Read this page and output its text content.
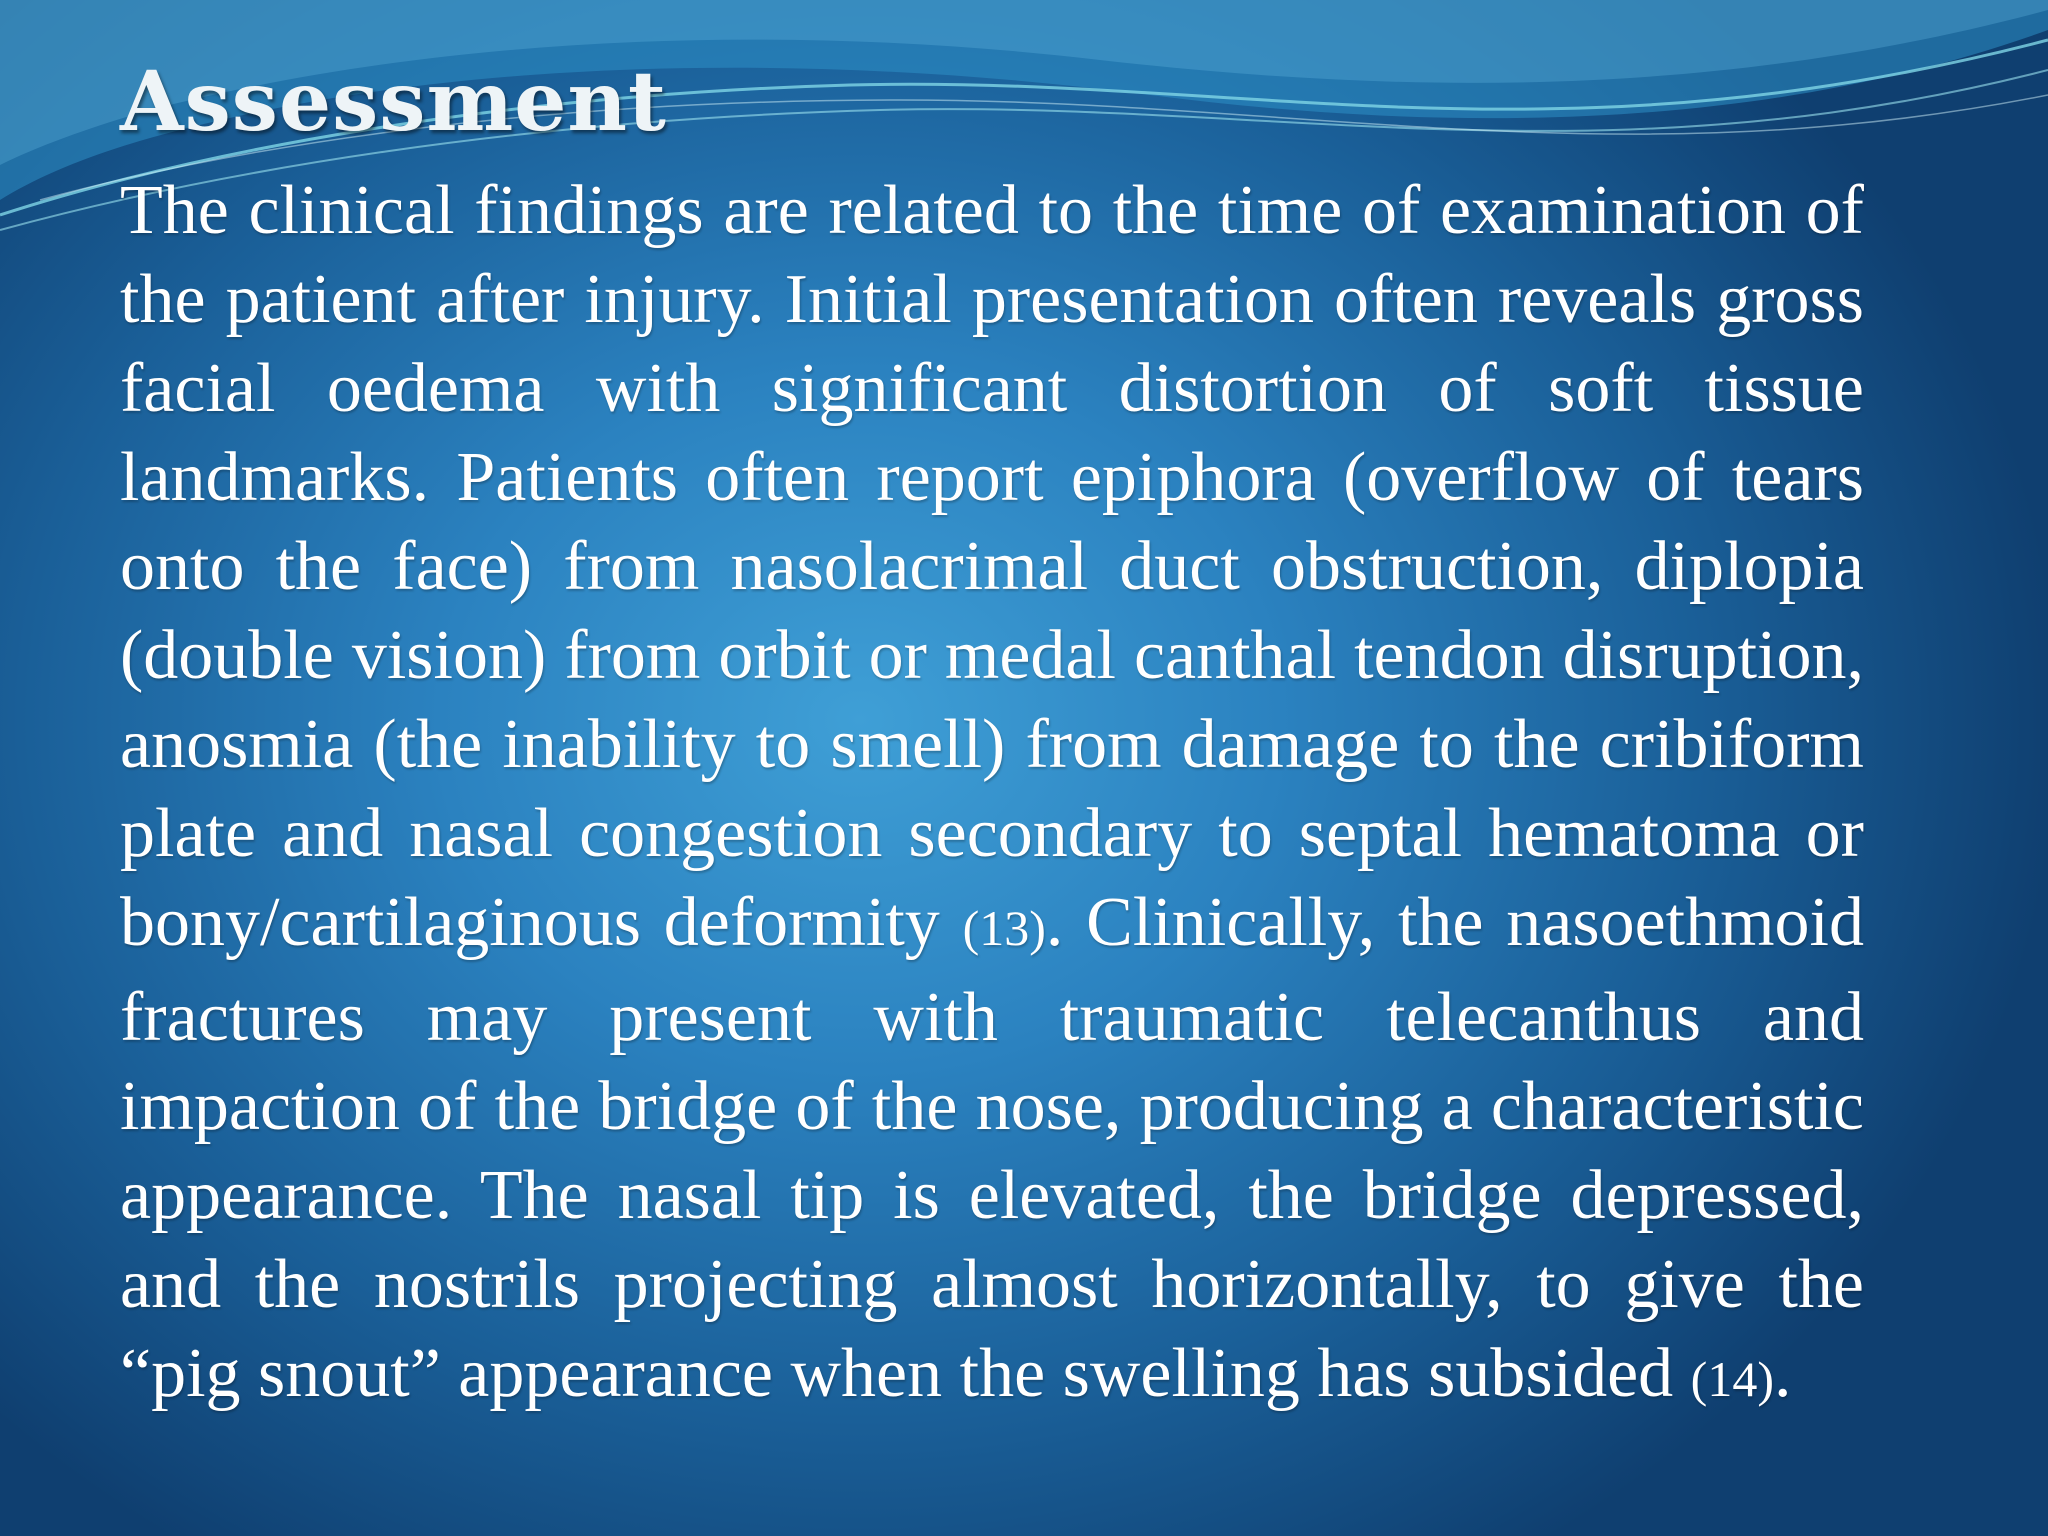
Assessment

The clinical findings are related to the time of examination of the patient after injury. Initial presentation often reveals gross facial oedema with significant distortion of soft tissue landmarks. Patients often report epiphora (overflow of tears onto the face) from nasolacrimal duct obstruction, diplopia (double vision) from orbit or medal canthal tendon disruption, anosmia (the inability to smell) from damage to the cribiform plate and nasal congestion secondary to septal hematoma or bony/cartilaginous deformity (13). Clinically, the nasoethmoid fractures may present with traumatic telecanthus and impaction of the bridge of the nose, producing a characteristic appearance. The nasal tip is elevated, the bridge depressed, and the nostrils projecting almost horizontally, to give the “pig snout” appearance when the swelling has subsided (14).
